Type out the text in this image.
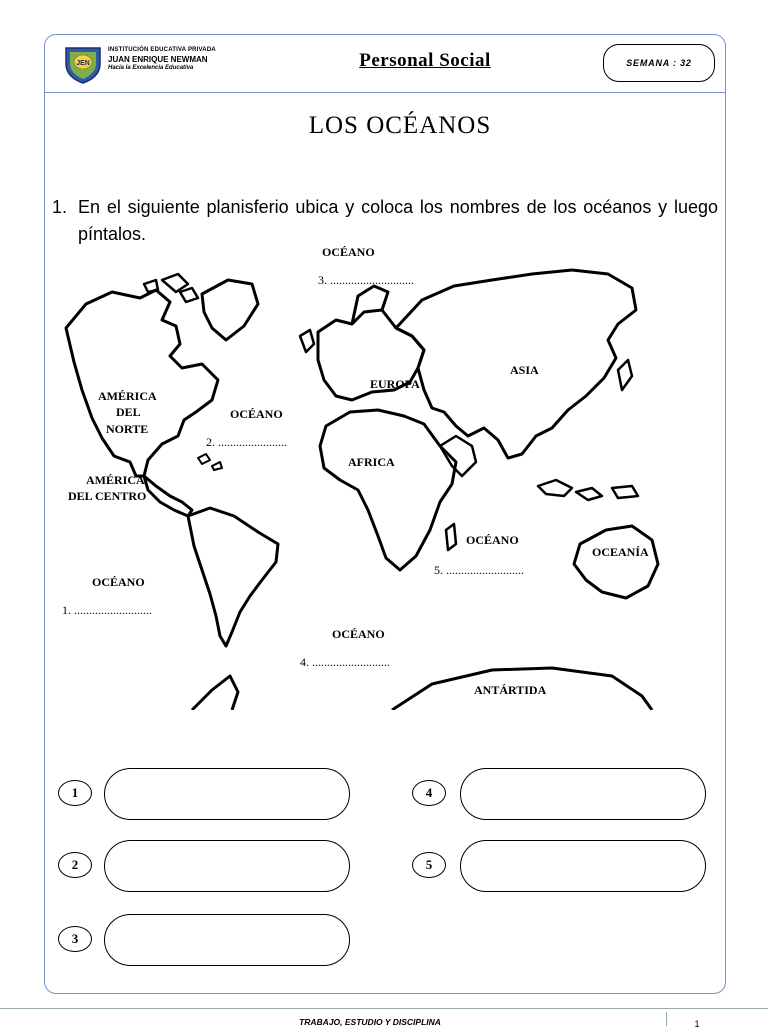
JEN
INSTITUCIÓN EDUCATIVA PRIVADA
JUAN ENRIQUE NEWMAN
Hacia la Excelencia Educativa	Personal Social	SEMANA : 32
LOS OCÉANOS
1. En el siguiente planisferio ubica y coloca los nombres de los océanos y luego píntalos.
OCÉANO
3. ............................
AMÉRICA
DEL
NORTE
OCÉANO
2. .......................
EUROPA
ASIA
AFRICA
AMÉRICA
DEL CENTRO
OCÉANO
5. ..........................
OCEANÍA
OCÉANO
1. ..........................
OCÉANO
4. ..........................
ANTÁRTIDA
1
2
3
4
5
TRABAJO, ESTUDIO Y DISCIPLINA	1
